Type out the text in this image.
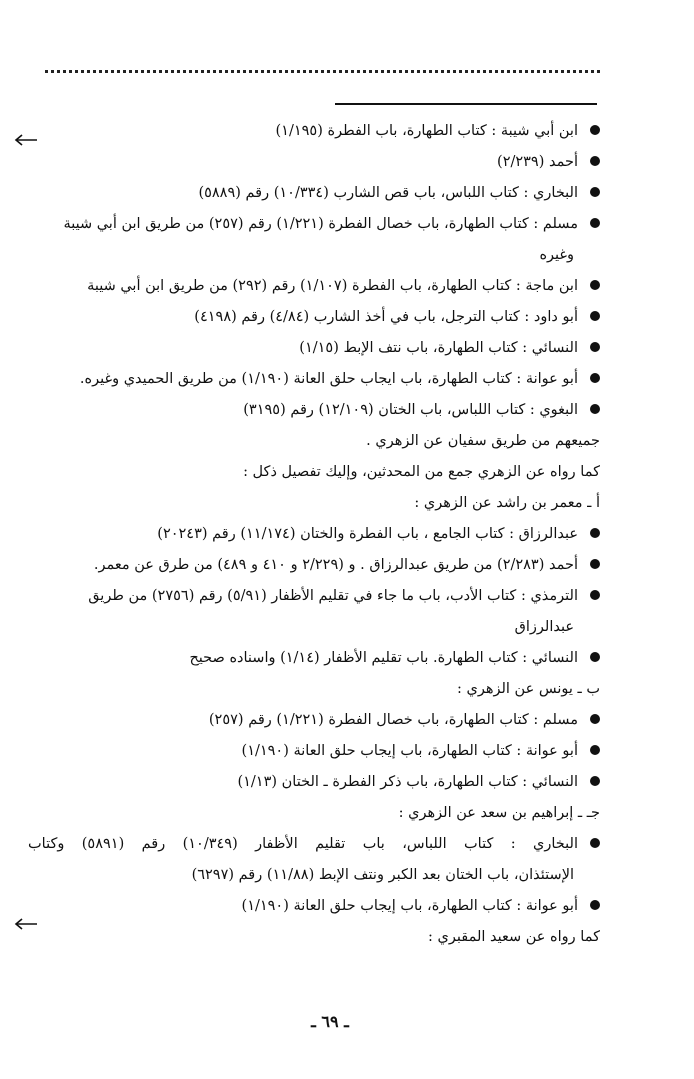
ابن أبي شيبة : كتاب الطهارة، باب الفطرة (١/١٩٥)
أحمد (٢/٢٣٩)
البخاري : كتاب اللباس، باب قص الشارب (١٠/٣٣٤) رقم (٥٨٨٩)
مسلم : كتاب الطهارة، باب خصال الفطرة (١/٢٢١) رقم (٢٥٧) من طريق ابن أبي شيبة
وغيره
ابن ماجة : كتاب الطهارة، باب الفطرة (١/١٠٧) رقم (٢٩٢) من طريق ابن أبي شيبة
أبو داود : كتاب الترجل، باب في أخذ الشارب (٤/٨٤) رقم (٤١٩٨)
النسائي : كتاب الطهارة، باب نتف الإبط (١/١٥)
أبو عوانة : كتاب الطهارة، باب ايجاب حلق العانة (١/١٩٠) من طريق الحميدي وغيره.
البغوي : كتاب اللباس، باب الختان (١٢/١٠٩) رقم (٣١٩٥)
جميعهم من طريق سفيان عن الزهري .
كما رواه عن الزهري جمع من المحدثين، وإليك تفصيل ذكل :
أ ـ معمر بن راشد عن الزهري :
عبدالرزاق : كتاب الجامع ، باب الفطرة والختان (١١/١٧٤) رقم (٢٠٢٤٣)
أحمد (٢/٢٨٣) من طريق عبدالرزاق . و (٢/٢٢٩ و ٤١٠ و ٤٨٩) من طرق عن معمر.
الترمذي : كتاب الأدب، باب ما جاء في تقليم الأظفار (٥/٩١) رقم (٢٧٥٦) من طريق
عبدالرزاق
النسائي : كتاب الطهارة. باب تقليم الأظفار (١/١٤) واسناده صحيح
ب ـ يونس عن الزهري :
مسلم : كتاب الطهارة، باب خصال الفطرة (١/٢٢١) رقم (٢٥٧)
أبو عوانة : كتاب الطهارة، باب إيجاب حلق العانة (١/١٩٠)
النسائي : كتاب الطهارة، باب ذكر الفطرة ـ الختان (١/١٣)
جـ ـ إبراهيم بن سعد عن الزهري :
البخاري : كتاب اللباس، باب تقليم الأظفار (١٠/٣٤٩) رقم (٥٨٩١) وكتاب
الإستئذان، باب الختان بعد الكبر ونتف الإبط (١١/٨٨) رقم (٦٢٩٧)
أبو عوانة : كتاب الطهارة، باب إيجاب حلق العانة (١/١٩٠)
كما رواه عن سعيد المقبري :
ـ ٦٩ ـ
